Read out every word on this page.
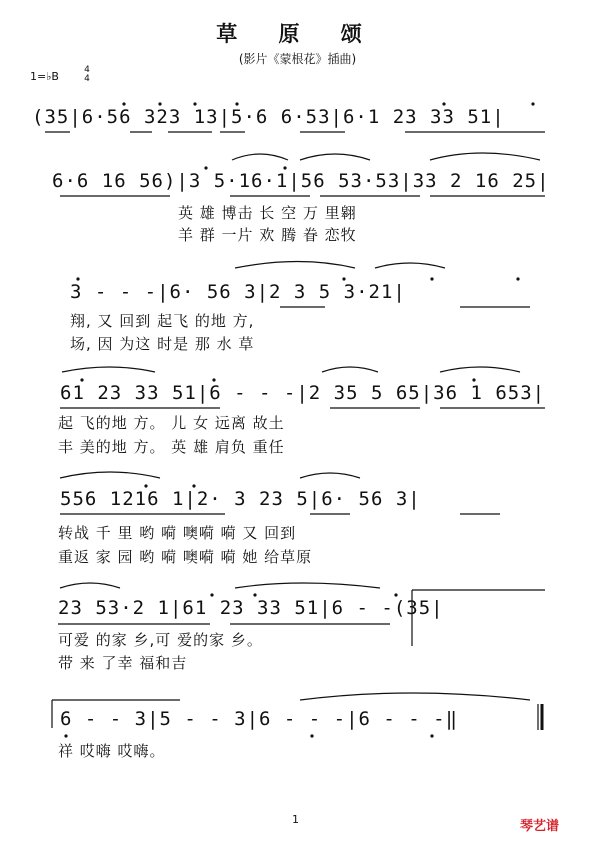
草 原 颂
(影片《蒙根花》插曲)
1=♭B	4
4
(35|6·56 323 13|5·6 6·53|6·1 23 33 51|
6·6 16 56)|3 5·16·1|56 53·53|33 2 16 25|
英 雄 博击 长 空 万 里翱
羊 群 一片 欢 腾 眷 恋牧
3 - - -|6· 56 3|2 3 5 3·21|
翔, 又 回到 起飞 的地 方,
场, 因 为这 时是 那 水 草
61 23 33 51|6 - - -|2 35 5 65|36 1 653|
起 飞的地 方。 儿 女 远离 故土
丰 美的地 方。 英 雄 肩负 重任
556 1216 1|2· 3 23 5|6· 56 3|
转战 千 里 哟 嗬 噢嗬 嗬 又 回到
重返 家 园 哟 嗬 噢嗬 嗬 她 给草原
23 53·2 1|61 23 33 51|6 - -(35|
可爱 的家 乡,可 爱的家 乡。
带 来 了幸 福和吉
6 - - 3|5 - - 3|6 - - -|6 - - -‖
祥 哎嗨 哎嗨。
1	琴艺谱
